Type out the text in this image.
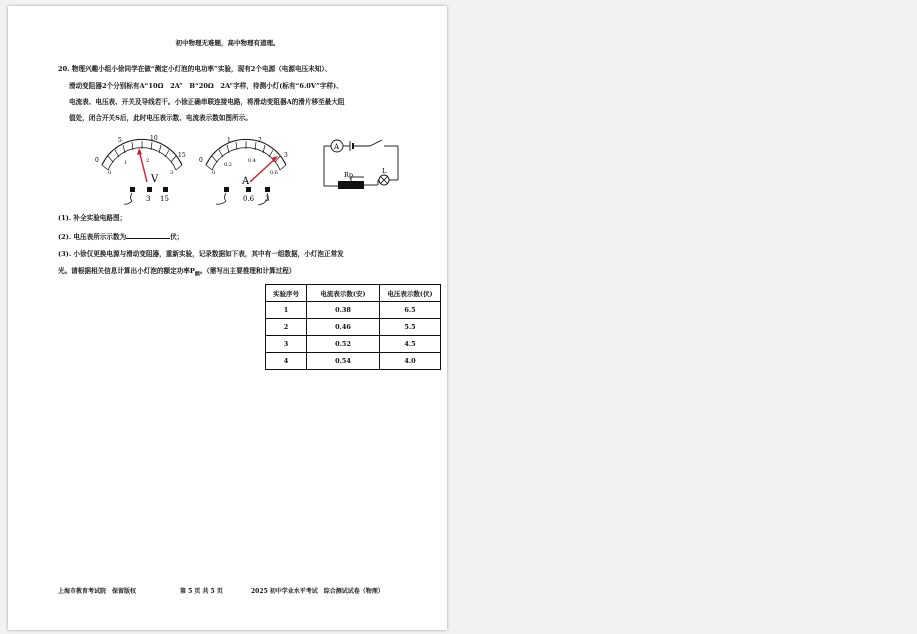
初中物理无难题，高中物理有道理。
20. 物理兴趣小组小徐同学在做“测定小灯泡的电功率”实验，现有2个电源（电源电压未知）、
滑动变阻器2个分别标有A“10Ω　2A”　B“20Ω　2A”字样，待测小灯(标有“6.0V”字样)、
电流表、电压表、开关及导线若干。小徐正确串联连接电路，将滑动变阻器A的滑片移至最大阻
值处，闭合开关S后，此时电压表示数、电流表示数如图所示。
0
5	10
15
0
1	2
3
V
3 15
0
1	2
3
0
0.2
0.4
0.6
A
0.6 3
A
Rp	L
(1). 补全实验电路图；
(2). 电压表所示示数为	伏；
(3). 小徐仅更换电源与滑动变阻器，重新实验，记录数据如下表，其中有一组数据，小灯泡正常发
光。请根据相关信息计算出小灯泡的额定功率$P_额$。（需写出主要推理和计算过程）
实验序号	电流表示数(安)	电压表示数(伏)
1	0.38	6.5
2	0.46	5.5
3	0.52	4.5
4	0.54	4.0
上海市教育考试院　保留版权	第 5 页 共 5 页	2025 初中学业水平考试　综合测试试卷（物理）
